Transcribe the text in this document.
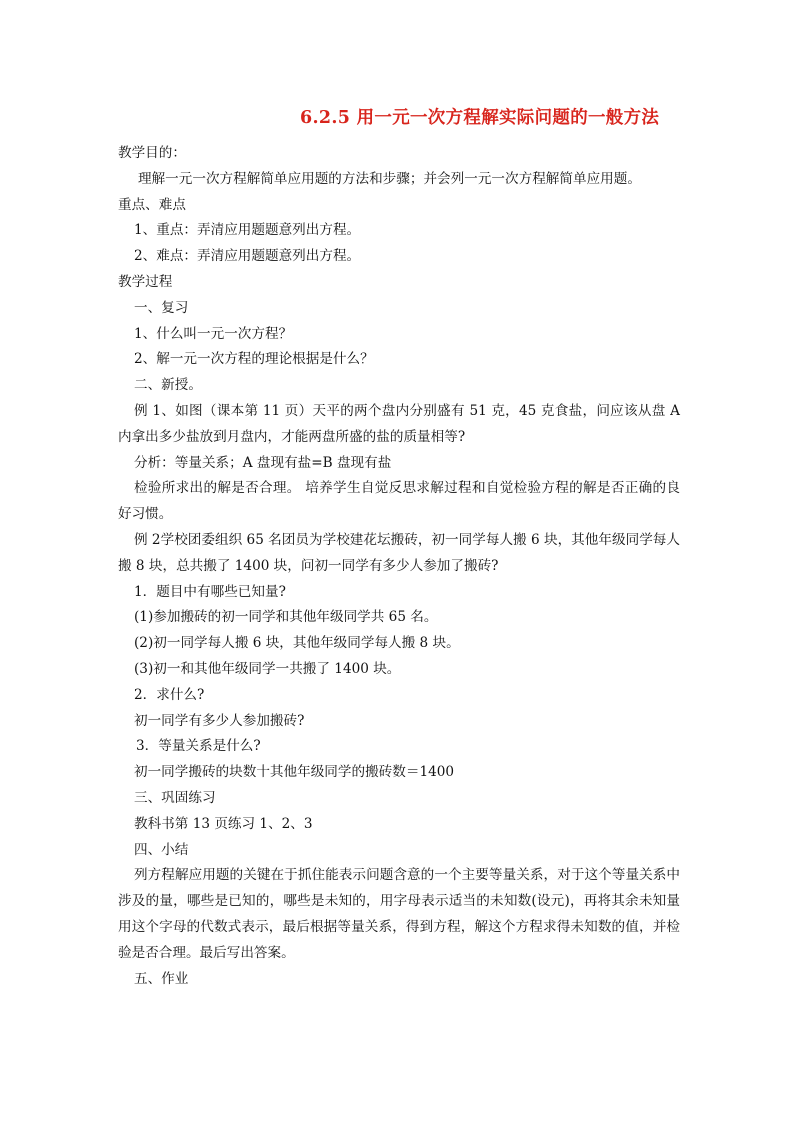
6.2.5 用一元一次方程解实际问题的一般方法
教学目的：
理解一元一次方程解简单应用题的方法和步骤；并会列一元一次方程解简单应用题。
重点、难点
1、重点：弄清应用题题意列出方程。
2、难点：弄清应用题题意列出方程。
教学过程
一、复习
1、什么叫一元一次方程？
2、解一元一次方程的理论根据是什么？
二、新授。
例 1、如图（课本第 11 页）天平的两个盘内分别盛有 51 克，45 克食盐，问应该从盘 A 内拿出多少盐放到月盘内，才能两盘所盛的盐的质量相等?
分析：等量关系；A 盘现有盐=B 盘现有盐
检验所求出的解是否合理。 培养学生自觉反思求解过程和自觉检验方程的解是否正确的良好习惯。
例 2学校团委组织 65 名团员为学校建花坛搬砖，初一同学每人搬 6 块，其他年级同学每人搬 8 块，总共搬了 1400 块，问初一同学有多少人参加了搬砖?
1．题目中有哪些已知量?
(1)参加搬砖的初一同学和其他年级同学共 65 名。
(2)初一同学每人搬 6 块，其他年级同学每人搬 8 块。
(3)初一和其他年级同学一共搬了 1400 块。
2．求什么?
初一同学有多少人参加搬砖?
3．等量关系是什么?
初一同学搬砖的块数十其他年级同学的搬砖数＝1400
三、巩固练习
教科书第 13 页练习 1、2、3
四、小结
列方程解应用题的关键在于抓住能表示问题含意的一个主要等量关系，对于这个等量关系中涉及的量，哪些是已知的，哪些是未知的，用字母表示适当的未知数(设元)，再将其余未知量用这个字母的代数式表示，最后根据等量关系，得到方程，解这个方程求得未知数的值，并检验是否合理。最后写出答案。
五、作业
